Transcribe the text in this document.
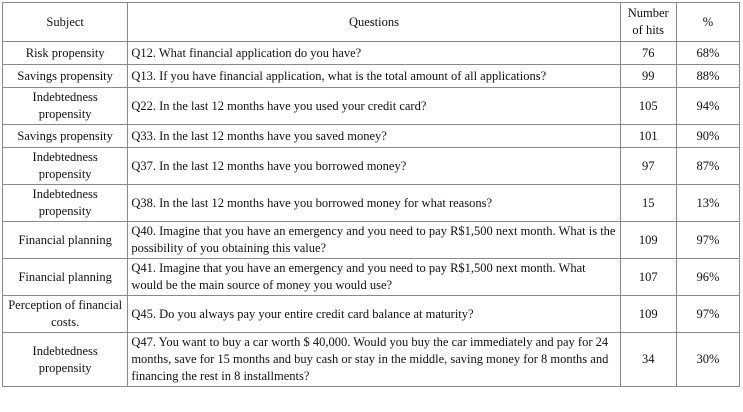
Subject	Questions	Number of hits	%
Risk propensity	Q12. What financial application do you have?	76	68%
Savings propensity	Q13. If you have financial application, what is the total amount of all applications?	99	88%
Indebtedness propensity	Q22. In the last 12 months have you used your credit card?	105	94%
Savings propensity	Q33. In the last 12 months have you saved money?	101	90%
Indebtedness propensity	Q37. In the last 12 months have you borrowed money?	97	87%
Indebtedness propensity	Q38. In the last 12 months have you borrowed money for what reasons?	15	13%
Financial planning	Q40. Imagine that you have an emergency and you need to pay R$1,500 next month. What is the possibility of you obtaining this value?	109	97%
Financial planning	Q41. Imagine that you have an emergency and you need to pay R$1,500 next month. What would be the main source of money you would use?	107	96%
Perception of financial costs.	Q45. Do you always pay your entire credit card balance at maturity?	109	97%
Indebtedness propensity	Q47. You want to buy a car worth $ 40,000. Would you buy the car immediately and pay for 24 months, save for 15 months and buy cash or stay in the middle, saving money for 8 months and financing the rest in 8 installments?	34	30%
